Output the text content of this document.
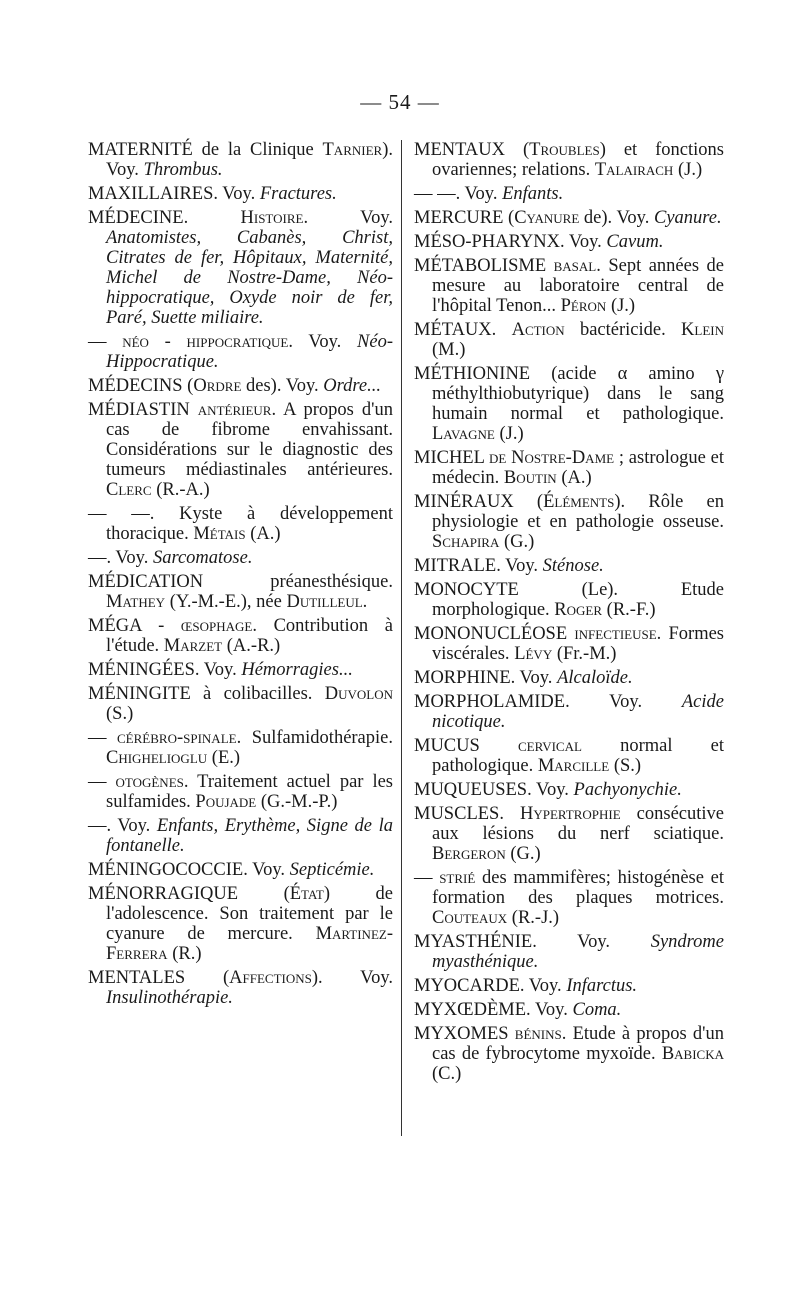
— 54 —

MATERNITÉ de la Clinique Tarnier). Voy. Thrombus.

MAXILLAIRES. Voy. Fractures.

MÉDECINE. Histoire. Voy. Anatomistes, Cabanès, Christ, Citrates de fer, Hôpitaux, Maternité, Michel de Nostre-Dame, Néo-hippocratique, Oxyde noir de fer, Paré, Suette miliaire.

— néo - hippocratique. Voy. Néo-Hippocratique.

MÉDECINS (Ordre des). Voy. Ordre...

MÉDIASTIN antérieur. A propos d'un cas de fibrome envahissant. Considérations sur le diagnostic des tumeurs médiastinales antérieures. Clerc (R.-A.)

— —. Kyste à développement thoracique. Métais (A.)

—. Voy. Sarcomatose.

MÉDICATION préanesthésique. Mathey (Y.-M.-E.), née Dutilleul.

MÉGA - œsophage. Contribution à l'étude. Marzet (A.-R.)

MÉNINGÉES. Voy. Hémorragies...

MÉNINGITE à colibacilles. Duvolon (S.)

— cérébro-spinale. Sulfamidothérapie. Chighelioglu (E.)

— otogènes. Traitement actuel par les sulfamides. Poujade (G.-M.-P.)

—. Voy. Enfants, Erythème, Signe de la fontanelle.

MÉNINGOCOCCIE. Voy. Septicémie.

MÉNORRAGIQUE (État) de l'adolescence. Son traitement par le cyanure de mercure. Martinez-Ferrera (R.)

MENTALES (Affections). Voy. Insulinothérapie.

MENTAUX (Troubles) et fonctions ovariennes; relations. Talairach (J.)

— —. Voy. Enfants.

MERCURE (Cyanure de). Voy. Cyanure.

MÉSO-PHARYNX. Voy. Cavum.

MÉTABOLISME basal. Sept années de mesure au laboratoire central de l'hôpital Tenon... Péron (J.)

MÉTAUX. Action bactéricide. Klein (M.)

MÉTHIONINE (acide α amino γ méthylthiobutyrique) dans le sang humain normal et pathologique. Lavagne (J.)

MICHEL de Nostre-Dame ; astrologue et médecin. Boutin (A.)

MINÉRAUX (Éléments). Rôle en physiologie et en pathologie osseuse. Schapira (G.)

MITRALE. Voy. Sténose.

MONOCYTE (Le). Etude morphologique. Roger (R.-F.)

MONONUCLÉOSE infectieuse. Formes viscérales. Lévy (Fr.-M.)

MORPHINE. Voy. Alcaloïde.

MORPHOLAMIDE. Voy. Acide nicotique.

MUCUS cervical normal et pathologique. Marcille (S.)

MUQUEUSES. Voy. Pachyonychie.

MUSCLES. Hypertrophie consécutive aux lésions du nerf sciatique. Bergeron (G.)

— strié des mammifères; histogénèse et formation des plaques motrices. Couteaux (R.-J.)

MYASTHÉNIE. Voy. Syndrome myasthénique.

MYOCARDE. Voy. Infarctus.

MYXŒDÈME. Voy. Coma.

MYXOMES bénins. Etude à propos d'un cas de fybrocytome myxoïde. Babicka (C.)
